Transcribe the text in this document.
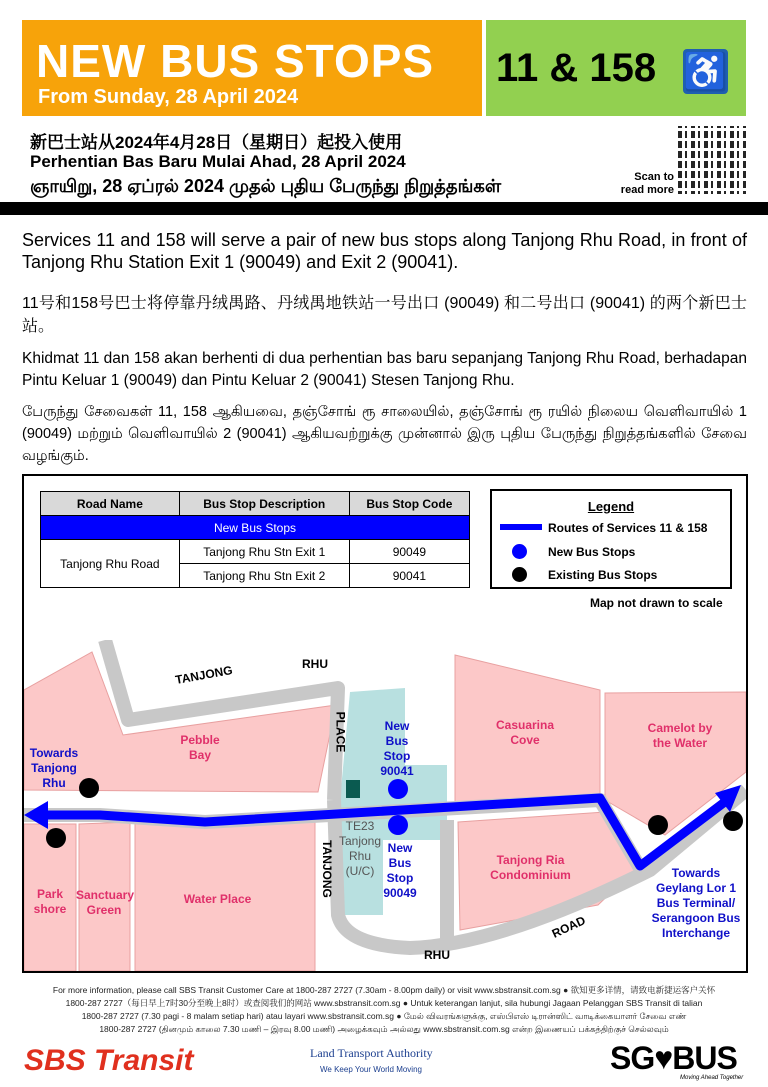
NEW BUS STOPS
From Sunday, 28 April 2024
11 & 158 ♿
新巴士站从2024年4月28日（星期日）起投入使用
Perhentian Bas Baru Mulai Ahad, 28 April 2024
ஞாயிறு, 28 ஏப்ரல் 2024 முதல் புதிய பேருந்து நிறுத்தங்கள்	Scan to
read more
Services 11 and 158 will serve a pair of new bus stops along Tanjong Rhu Road, in front of Tanjong Rhu Station Exit 1 (90049) and Exit 2 (90041).
11号和158号巴士将停靠丹绒禺路、丹绒禺地铁站一号出口 (90049) 和二号出口 (90041) 的两个新巴士站。
Khidmat 11 dan 158 akan berhenti di dua perhentian bas baru sepanjang Tanjong Rhu Road, berhadapan Pintu Keluar 1 (90049) dan Pintu Keluar 2 (90041) Stesen Tanjong Rhu.
பேருந்து சேவைகள் 11, 158 ஆகியவை, தஞ்சோங் ரூ சாலையில், தஞ்சோங் ரூ ரயில் நிலைய வெளிவாயில் 1 (90049) மற்றும் வெளிவாயில் 2 (90041) ஆகியவற்றுக்கு முன்னால் இரு புதிய பேருந்து நிறுத்தங்களில் சேவை வழங்கும்.
Road Name	Bus Stop Description	Bus Stop Code
New Bus Stops		
Tanjong Rhu Road	Tanjong Rhu Stn Exit 1	90049
	Tanjong Rhu Stn Exit 2	90041
Legend
Routes of Services 11 & 158
New Bus Stops
Existing Bus Stops
Map not drawn to scale
TANJONG	RHU
PLACE
TANJONG
RHU
ROAD
Pebble Bay
Casuarina Cove
Camelot by the Water
Tanjong Ria Condominium
Park shore
Sanctuary Green
Water Place
TE23 Tanjong Rhu (U/C)
New Bus Stop 90041
New Bus Stop 90049
Towards Tanjong Rhu
Towards Geylang Lor 1 Bus Terminal/ Serangoon Bus Interchange
For more information, please call SBS Transit Customer Care at 1800-287 2727 (7.30am - 8.00pm daily) or visit www.sbstransit.com.sg ● 欲知更多详情，请致电新捷运客户关怀
1800-287 2727（每日早上7时30分至晚上8时）或查阅我们的网站 www.sbstransit.com.sg ● Untuk keterangan lanjut, sila hubungi Jagaan Pelanggan SBS Transit di talian
1800-287 2727 (7.30 pagi - 8 malam setiap hari) atau layari www.sbstransit.com.sg ● மேல் விவரங்களுக்கு, எஸ்பிஎஸ் டிரான்ஸிட் வாடிக்கையாளர் சேவை எண்
1800-287 2727 (தினமும் காலை 7.30 மணி – இரவு 8.00 மணி) அழைக்கவும் அல்லது www.sbstransit.com.sg என்ற இணையப் பக்கத்திற்குச் செல்லவும்
SBS Transit	Land Transport Authority
We Keep Your World Moving	SG♥BUS
Moving Ahead Together
